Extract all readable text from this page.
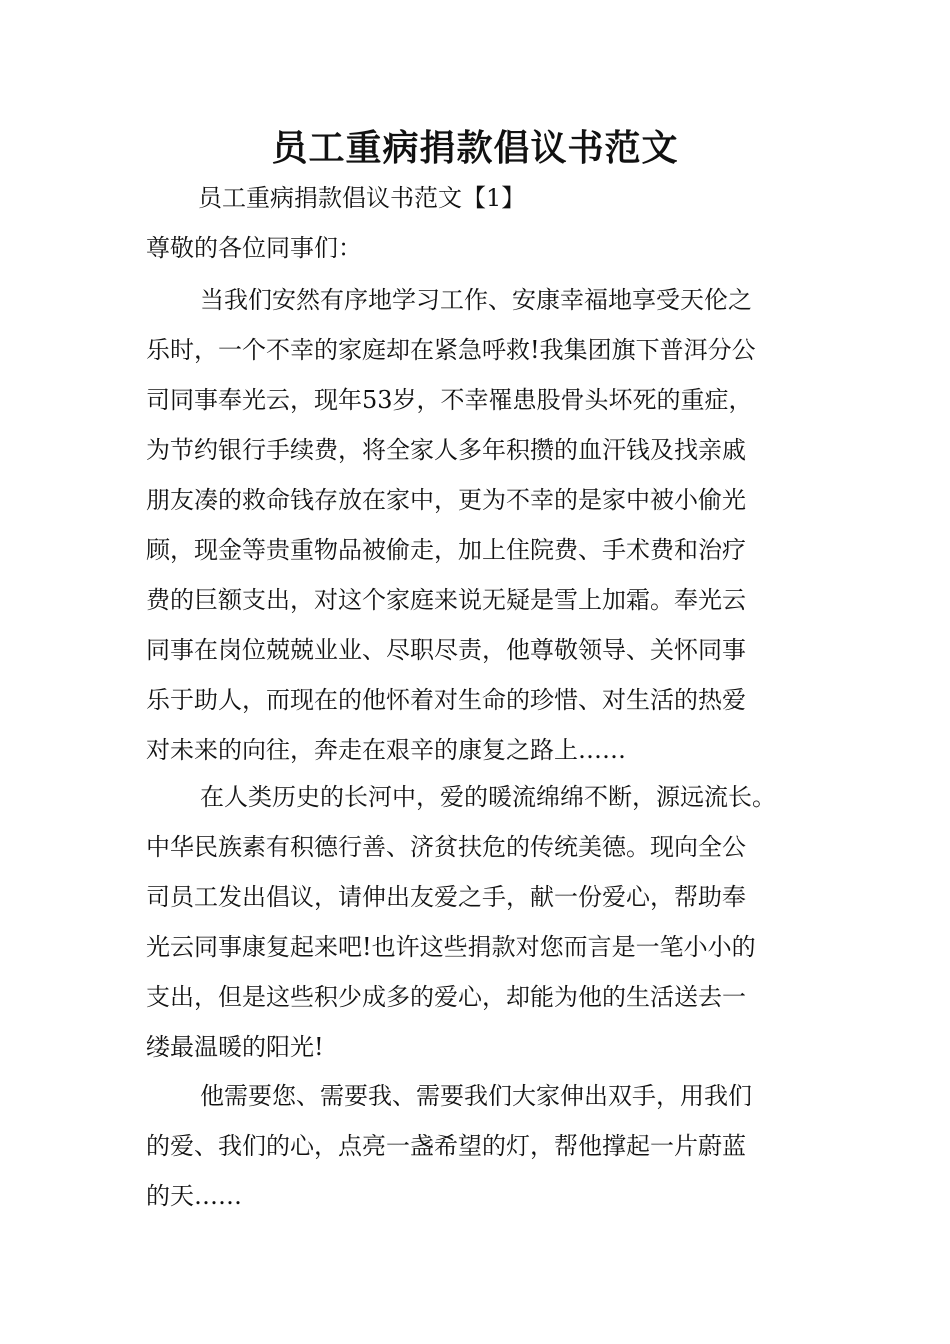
员工重病捐款倡议书范文

员工重病捐款倡议书范文【1】

尊敬的各位同事们：

当我们安然有序地学习工作、安康幸福地享受天伦之
乐时，一个不幸的家庭却在紧急呼救!我集团旗下普洱分公
司同事奉光云，现年53岁，不幸罹患股骨头坏死的重症，
为节约银行手续费，将全家人多年积攒的血汗钱及找亲戚
朋友凑的救命钱存放在家中，更为不幸的是家中被小偷光
顾，现金等贵重物品被偷走，加上住院费、手术费和治疗
费的巨额支出，对这个家庭来说无疑是雪上加霜。奉光云
同事在岗位兢兢业业、尽职尽责，他尊敬领导、关怀同事
乐于助人，而现在的他怀着对生命的珍惜、对生活的热爱
对未来的向往，奔走在艰辛的康复之路上……
在人类历史的长河中，爱的暖流绵绵不断，源远流长。
中华民族素有积德行善、济贫扶危的传统美德。现向全公
司员工发出倡议，请伸出友爱之手，献一份爱心，帮助奉
光云同事康复起来吧!也许这些捐款对您而言是一笔小小的
支出，但是这些积少成多的爱心，却能为他的生活送去一
缕最温暖的阳光!
他需要您、需要我、需要我们大家伸出双手，用我们
的爱、我们的心，点亮一盏希望的灯，帮他撑起一片蔚蓝
的天……
